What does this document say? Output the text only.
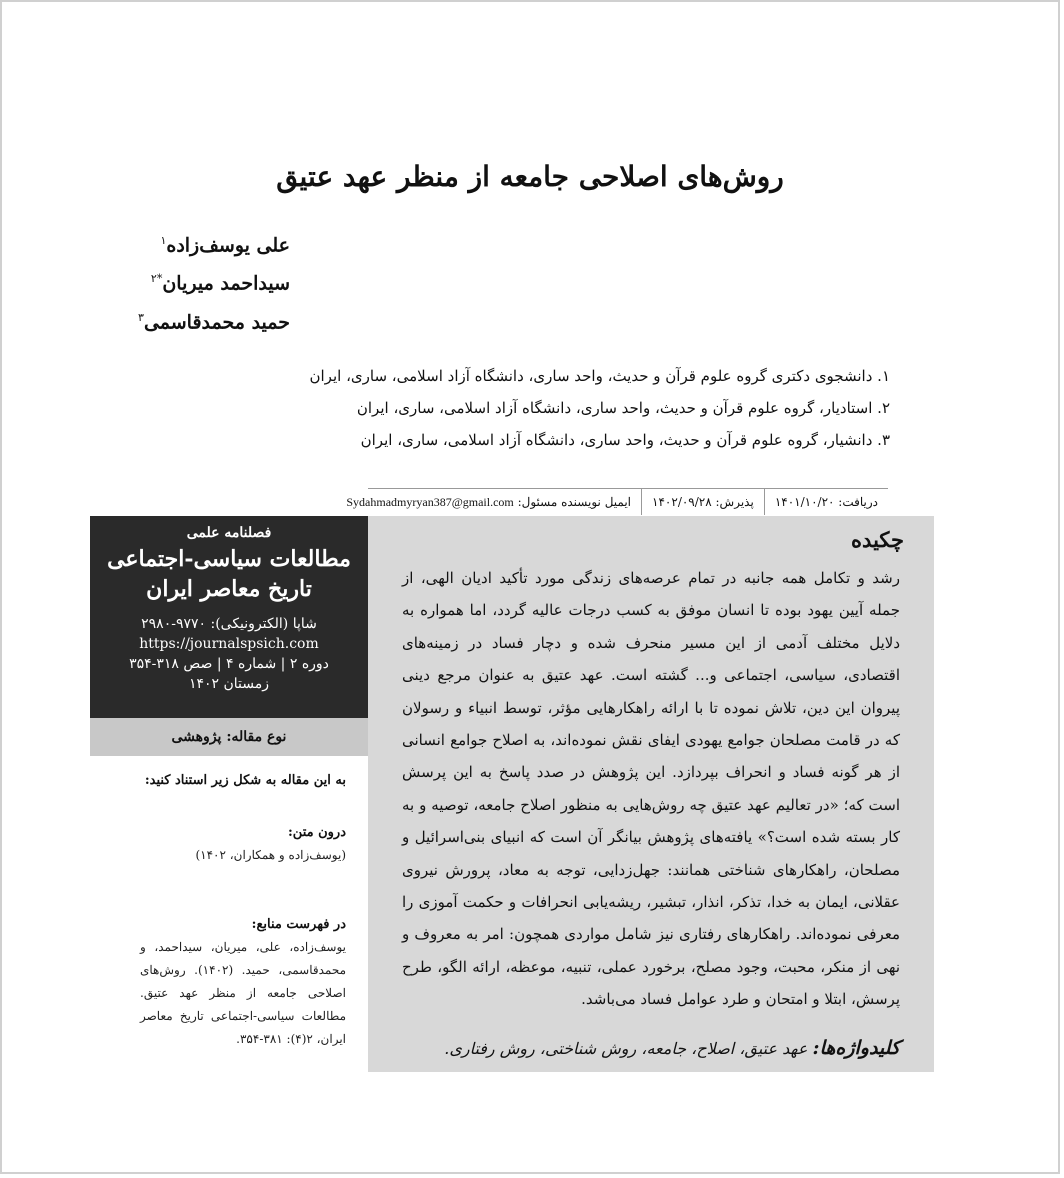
روش‌های اصلاحی جامعه از منظر عهد عتیق
علی یوسف‌زاده$^۱$
سیداحمد میریان$^{*۲}$
حمید محمدقاسمی$^۳$
۱. دانشجوی دکتری گروه علوم قرآن و حدیث، واحد ساری، دانشگاه آزاد اسلامی، ساری، ایران
۲. استادیار، گروه علوم قرآن و حدیث، واحد ساری، دانشگاه آزاد اسلامی، ساری، ایران
۳. دانشیار، گروه علوم قرآن و حدیث، واحد ساری، دانشگاه آزاد اسلامی، ساری، ایران
دریافت: ۱۴۰۱/۱۰/۲۰
پذیرش: ۱۴۰۲/۰۹/۲۸
ایمیل نویسنده مسئول: Sydahmadmyryan387@gmail.com
چکیده
رشد و تکامل همه جانبه در تمام عرصه‌های زندگی مورد تأکید ادیان الهی، از جمله آیین یهود بوده تا انسان موفق به کسب درجات عالیه گردد، اما همواره به دلایل مختلف آدمی از این مسیر منحرف شده و دچار فساد در زمینه‌های اقتصادی، سیاسی، اجتماعی و... گشته است. عهد عتیق به عنوان مرجع دینی پیروان این دین، تلاش نموده تا با ارائه راهکارهایی مؤثر، توسط انبیاء و رسولان که در قامت مصلحان جوامع یهودی ایفای نقش نموده‌اند، به اصلاح جوامع انسانی از هر گونه فساد و انحراف بپردازد. این پژوهش در صدد پاسخ به این پرسش است که؛ «در تعالیم عهد عتیق چه روش‌هایی به منظور اصلاح جامعه، توصیه و به کار بسته شده است؟» یافته‌های پژوهش بیانگر آن است که انبیای بنی‌اسرائیل و مصلحان، راهکارهای شناختی همانند: جهل‌زدایی، توجه به معاد، پرورش نیروی عقلانی، ایمان به خدا، تذکر، انذار، تبشیر، ریشه‌یابی انحرافات و حکمت آموزی را معرفی نموده‌اند. راهکارهای رفتاری نیز شامل مواردی همچون: امر به معروف و نهی از منکر، محبت، وجود مصلح، برخورد عملی، تنبیه، موعظه، ارائه الگو، طرح پرسش، ابتلا و امتحان و طرد عوامل فساد می‌باشد.
کلیدواژه‌ها: عهد عتیق، اصلاح، جامعه، روش شناختی، روش رفتاری.
فصلنامه علمی
مطالعات سیاسی-اجتماعی
تاریخ معاصر ایران
شاپا (الکترونیکی): ۹۷۷۰-۲۹۸۰
https://journalspsich.com
دوره ۲ | شماره ۴ | صص ۳۱۸-۳۵۴
زمستان ۱۴۰۲
نوع مقاله: پژوهشی
به این مقاله به شکل زیر استناد کنید:
درون متن:
(یوسف‌زاده و همکاران، ۱۴۰۲)
در فهرست منابع:
یوسف‌زاده، علی، میریان، سیداحمد، و محمدقاسمی، حمید. (۱۴۰۲). روش‌های اصلاحی جامعه از منظر عهد عتیق. مطالعات سیاسی-اجتماعی تاریخ معاصر ایران، ۲(۴): ۳۸۱-۳۵۴.
